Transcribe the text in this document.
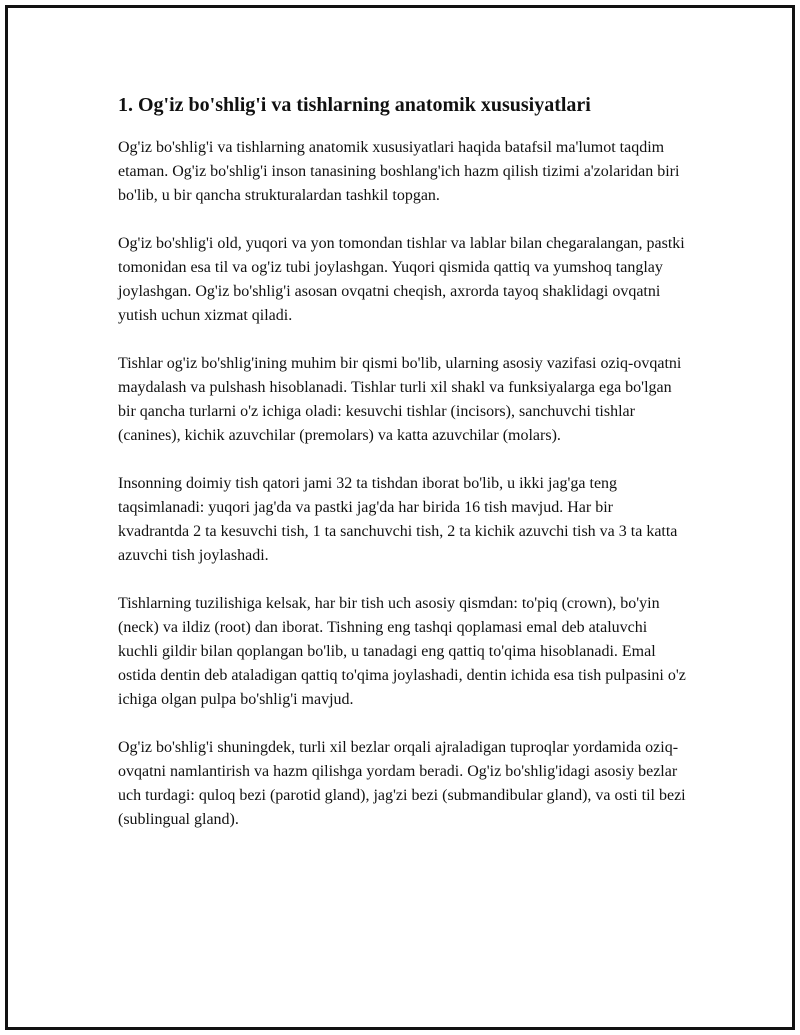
1. Og'iz bo'shlig'i va tishlarning anatomik xususiyatlari

Og'iz bo'shlig'i va tishlarning anatomik xususiyatlari haqida batafsil ma'lumot taqdim etaman. Og'iz bo'shlig'i inson tanasining boshlang'ich hazm qilish tizimi a'zolaridan biri bo'lib, u bir qancha strukturalardan tashkil topgan.

Og'iz bo'shlig'i old, yuqori va yon tomondan tishlar va lablar bilan chegaralangan, pastki tomonidan esa til va og'iz tubi joylashgan. Yuqori qismida qattiq va yumshoq tanglay joylashgan. Og'iz bo'shlig'i asosan ovqatni cheqish, axrorda tayoq shaklidagi ovqatni yutish uchun xizmat qiladi.

Tishlar og'iz bo'shlig'ining muhim bir qismi bo'lib, ularning asosiy vazifasi oziq-ovqatni maydalash va pulshash hisoblanadi. Tishlar turli xil shakl va funksiyalarga ega bo'lgan bir qancha turlarni o'z ichiga oladi: kesuvchi tishlar (incisors), sanchuvchi tishlar (canines), kichik azuvchilar (premolars) va katta azuvchilar (molars).

Insonning doimiy tish qatori jami 32 ta tishdan iborat bo'lib, u ikki jag'ga teng taqsimlanadi: yuqori jag'da va pastki jag'da har birida 16 tish mavjud. Har bir kvadrantda 2 ta kesuvchi tish, 1 ta sanchuvchi tish, 2 ta kichik azuvchi tish va 3 ta katta azuvchi tish joylashadi.

Tishlarning tuzilishiga kelsak, har bir tish uch asosiy qismdan: to'piq (crown), bo'yin (neck) va ildiz (root) dan iborat. Tishning eng tashqi qoplamasi emal deb ataluvchi kuchli gildir bilan qoplangan bo'lib, u tanadagi eng qattiq to'qima hisoblanadi. Emal ostida dentin deb ataladigan qattiq to'qima joylashadi, dentin ichida esa tish pulpasini o'z ichiga olgan pulpa bo'shlig'i mavjud.

Og'iz bo'shlig'i shuningdek, turli xil bezlar orqali ajraladigan tuproqlar yordamida oziq-ovqatni namlantirish va hazm qilishga yordam beradi. Og'iz bo'shlig'idagi asosiy bezlar uch turdagi: quloq bezi (parotid gland), jag'zi bezi (submandibular gland), va osti til bezi (sublingual gland).
